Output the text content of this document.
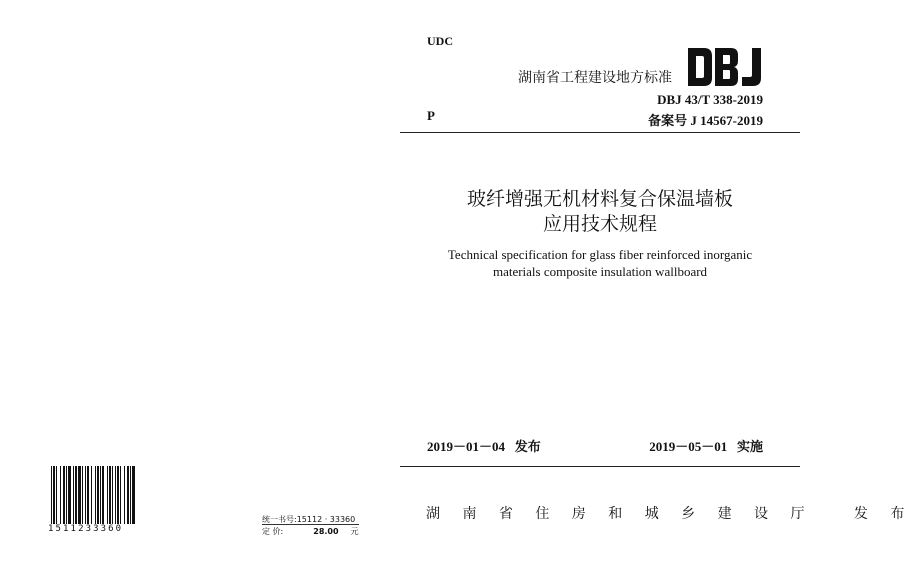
UDC
P
湖南省工程建设地方标准
DBJ 43/T 338-2019
备案号 J 14567-2019
玻纤增强无机材料复合保温墙板
应用技术规程
Technical specification for glass fiber reinforced inorganic
materials composite insulation wallboard
2019－01－04 发布	2019－05－01 实施
湖 南 省 住 房 和 城 乡 建 设 厅	发 布
1511233360
统一书号:15112 · 33360
定 价:	28.00 元
